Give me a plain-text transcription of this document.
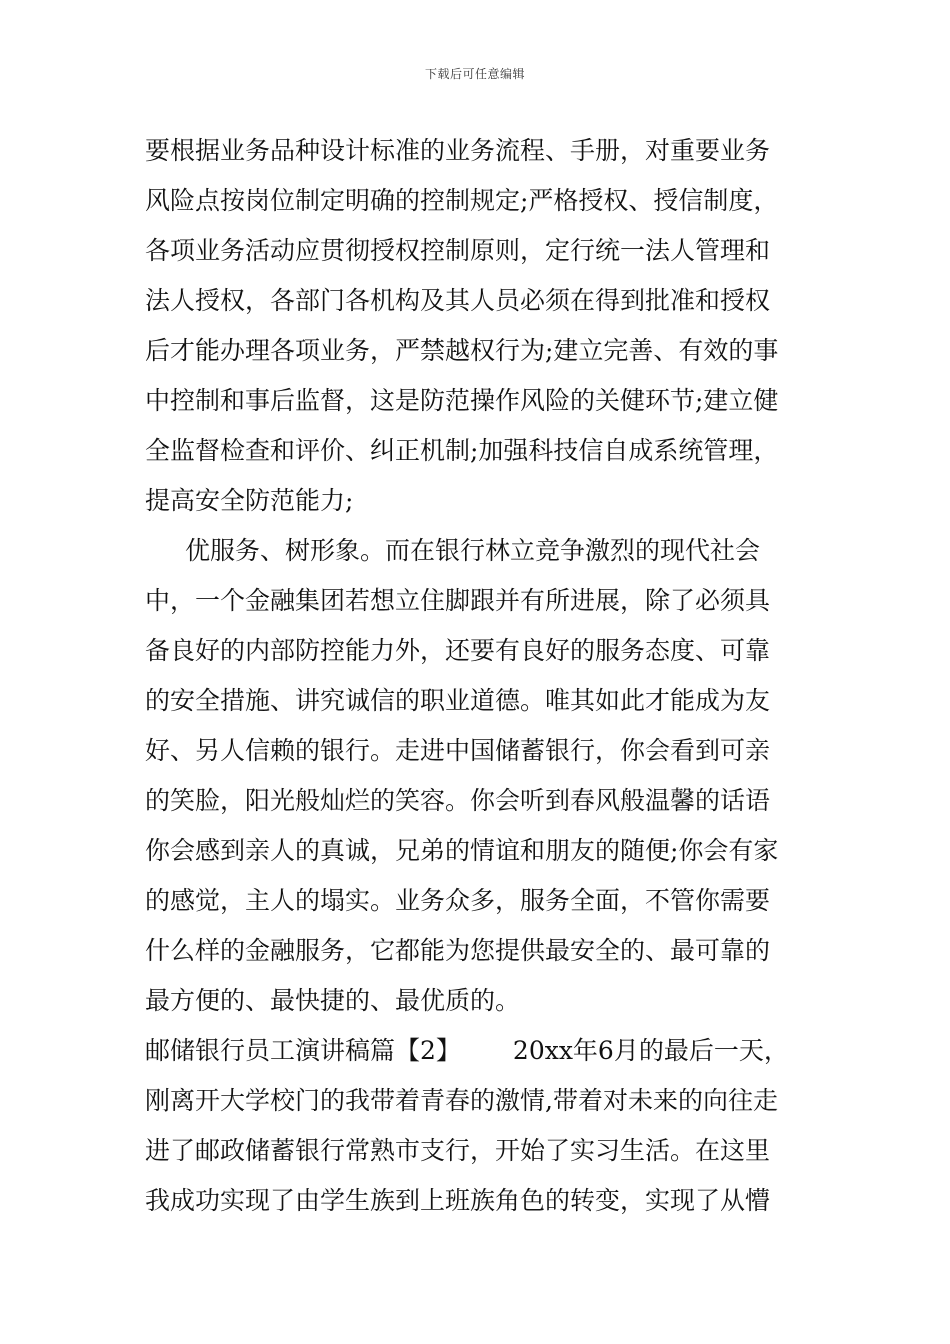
下载后可任意编辑
要根据业务品种设计标准的业务流程、手册，对重要业务
风险点按岗位制定明确的控制规定;严格授权、授信制度，
各项业务活动应贯彻授权控制原则，定行统一法人管理和
法人授权，各部门各机构及其人员必须在得到批准和授权
后才能办理各项业务，严禁越权行为;建立完善、有效的事
中控制和事后监督，这是防范操作风险的关健环节;建立健
全监督检查和评价、纠正机制;加强科技信自成系统管理，
提高安全防范能力;
优服务、树形象。而在银行林立竞争激烈的现代社会
中，一个金融集团若想立住脚跟并有所进展，除了必须具
备良好的内部防控能力外，还要有良好的服务态度、可靠
的安全措施、讲究诚信的职业道德。唯其如此才能成为友
好、另人信赖的银行。走进中国储蓄银行，你会看到可亲
的笑脸，阳光般灿烂的笑容。你会听到春风般温馨的话语
你会感到亲人的真诚，兄弟的情谊和朋友的随便;你会有家
的感觉，主人的塌实。业务众多，服务全面，不管你需要
什么样的金融服务，它都能为您提供最安全的、最可靠的
最方便的、最快捷的、最优质的。
邮储银行员工演讲稿篇【2】 20xx年6月的最后一天，
刚离开大学校门的我带着青春的激情,带着对未来的向往走
进了邮政储蓄银行常熟市支行，开始了实习生活。在这里
我成功实现了由学生族到上班族角色的转变，实现了从懵
